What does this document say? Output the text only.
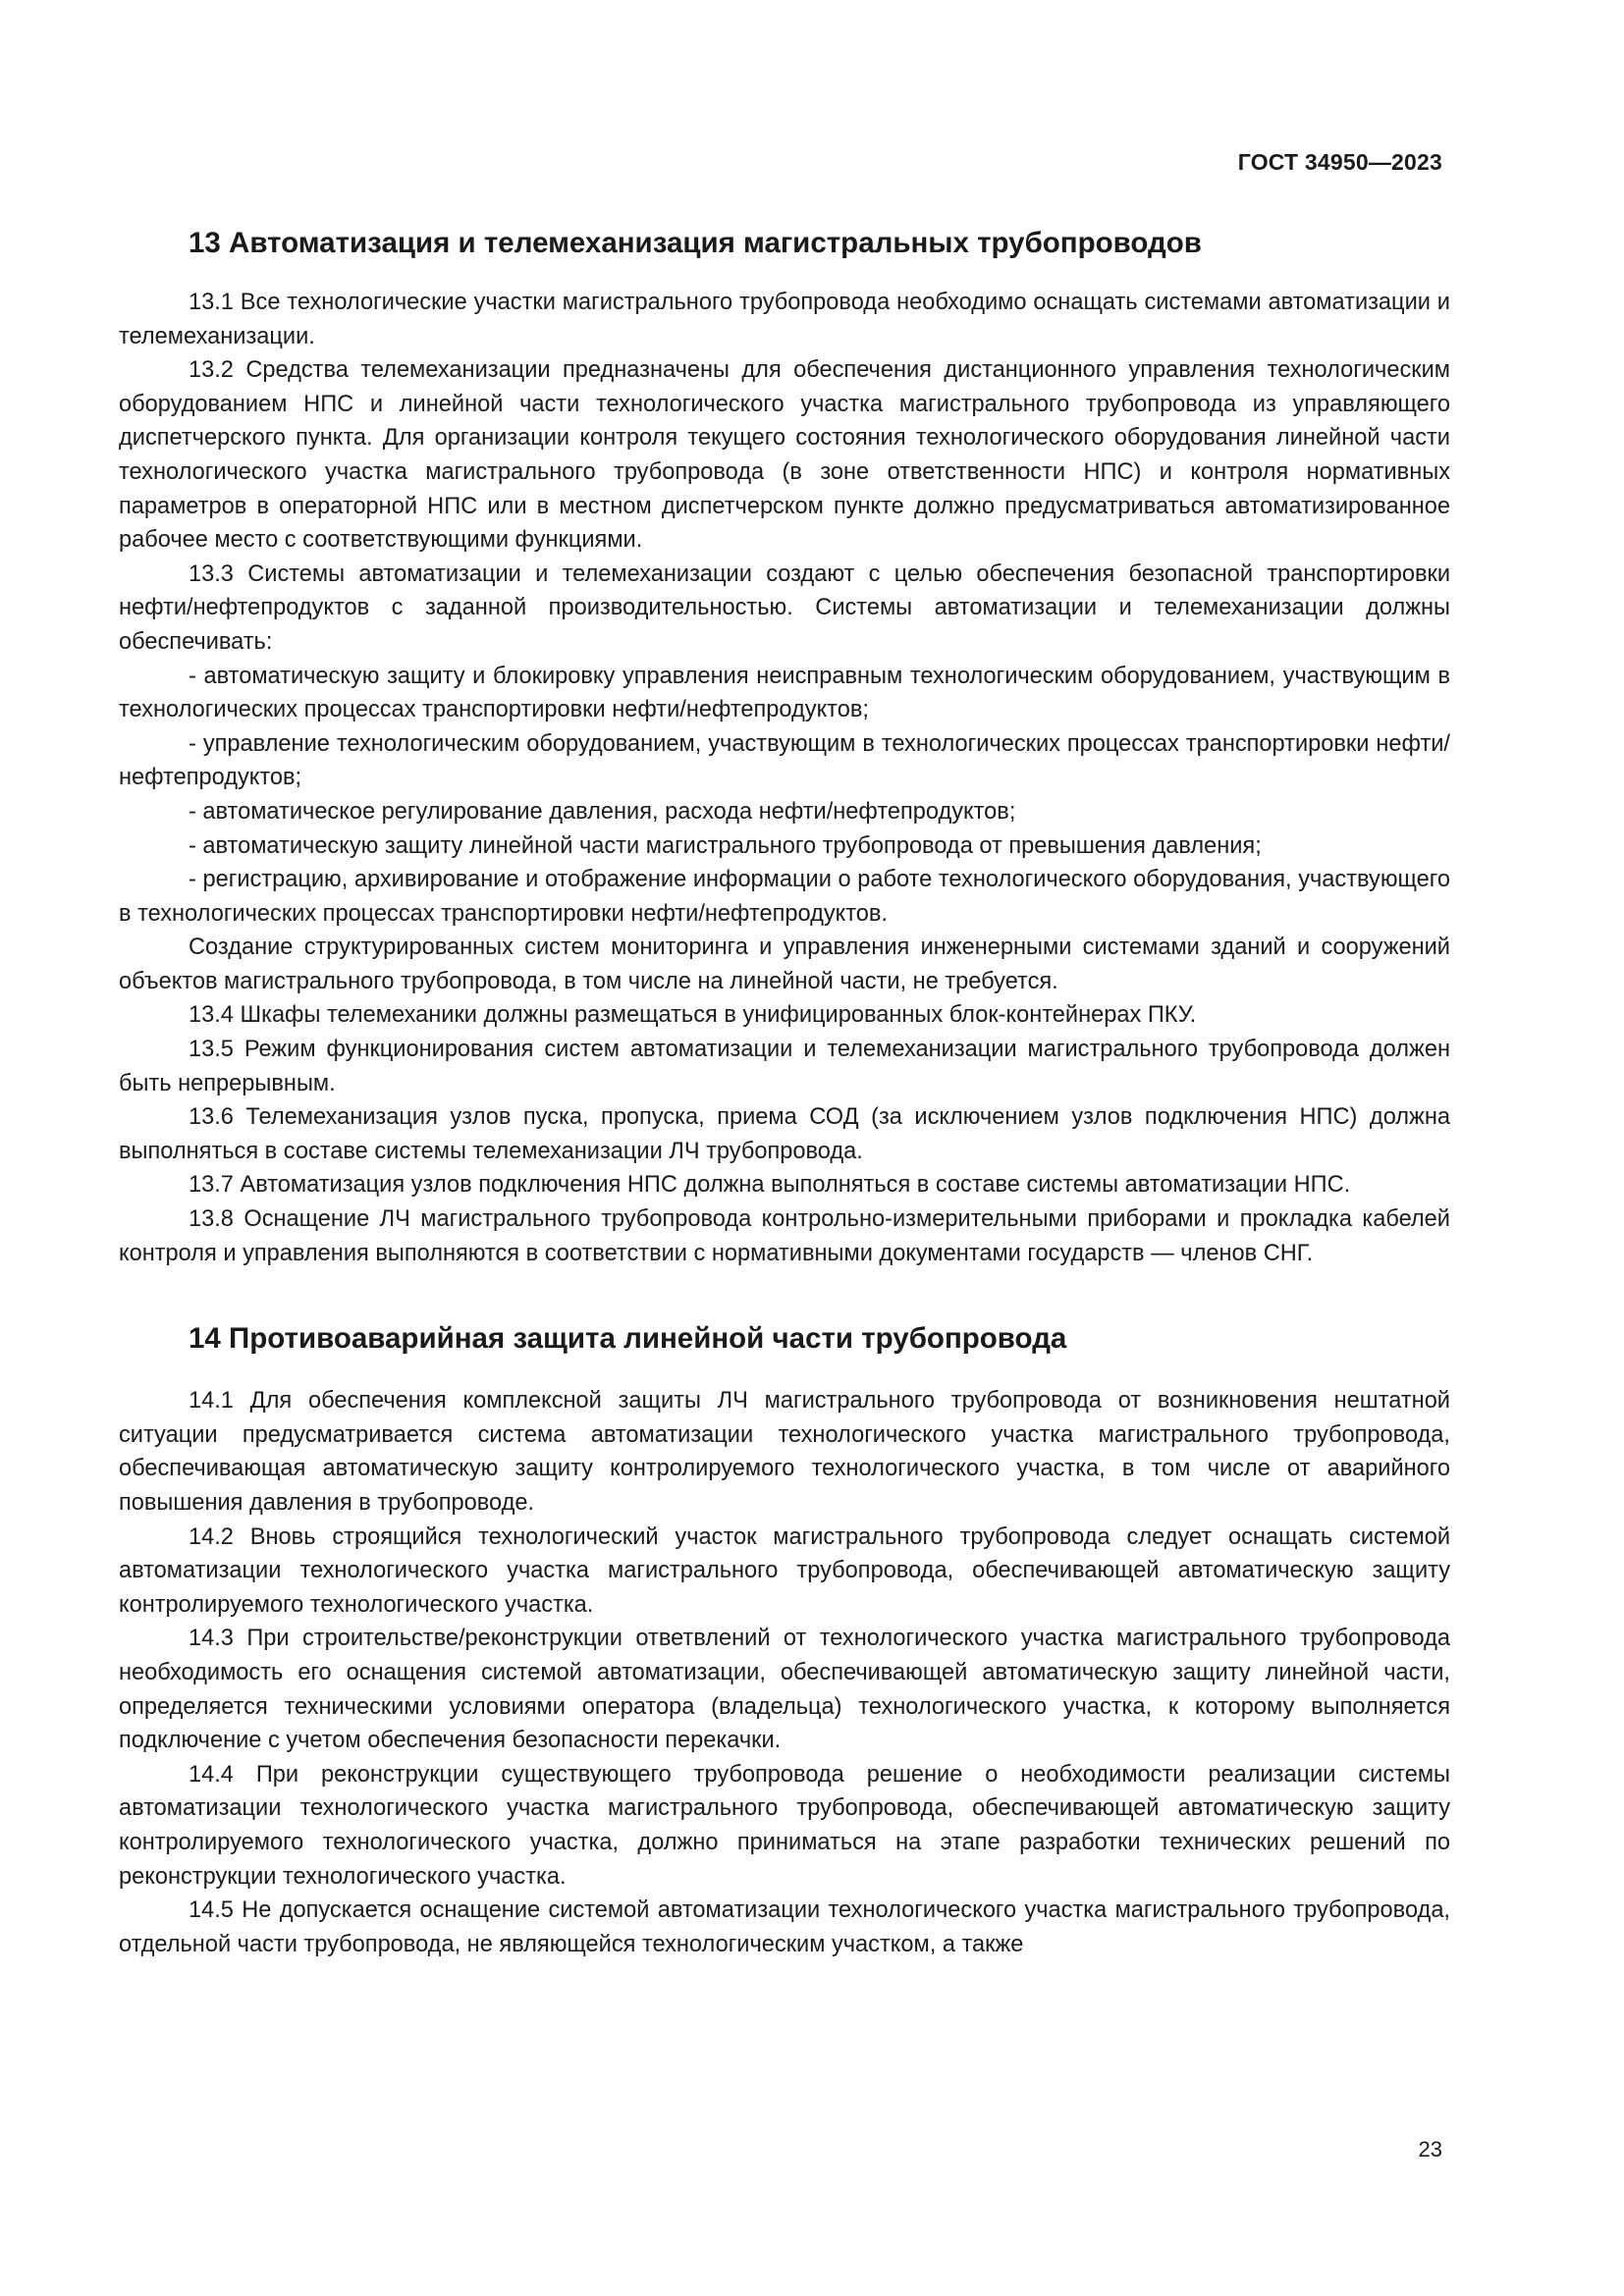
ГОСТ 34950—2023
13 Автоматизация и телемеханизация магистральных трубопроводов

13.1 Все технологические участки магистрального трубопровода необходимо оснащать системами автоматизации и телемеханизации.

13.2 Средства телемеханизации предназначены для обеспечения дистанционного управления технологическим оборудованием НПС и линейной части технологического участка магистрального трубопровода из управляющего диспетчерского пункта. Для организации контроля текущего состояния технологического оборудования линейной части технологического участка магистрального трубопровода (в зоне ответственности НПС) и контроля нормативных параметров в операторной НПС или в местном диспетчерском пункте должно предусматриваться автоматизированное рабочее место с соответствующими функциями.

13.3 Системы автоматизации и телемеханизации создают с целью обеспечения безопасной транспортировки нефти/нефтепродуктов с заданной производительностью. Системы автоматизации и телемеханизации должны обеспечивать:

- автоматическую защиту и блокировку управления неисправным технологическим оборудованием, участвующим в технологических процессах транспортировки нефти/нефтепродуктов;

- управление технологическим оборудованием, участвующим в технологических процессах транспортировки нефти/нефтепродуктов;

- автоматическое регулирование давления, расхода нефти/нефтепродуктов;

- автоматическую защиту линейной части магистрального трубопровода от превышения давления;

- регистрацию, архивирование и отображение информации о работе технологического оборудования, участвующего в технологических процессах транспортировки нефти/нефтепродуктов.

Создание структурированных систем мониторинга и управления инженерными системами зданий и сооружений объектов магистрального трубопровода, в том числе на линейной части, не требуется.

13.4 Шкафы телемеханики должны размещаться в унифицированных блок-контейнерах ПКУ.

13.5 Режим функционирования систем автоматизации и телемеханизации магистрального трубопровода должен быть непрерывным.

13.6 Телемеханизация узлов пуска, пропуска, приема СОД (за исключением узлов подключения НПС) должна выполняться в составе системы телемеханизации ЛЧ трубопровода.

13.7 Автоматизация узлов подключения НПС должна выполняться в составе системы автоматизации НПС.

13.8 Оснащение ЛЧ магистрального трубопровода контрольно-измерительными приборами и прокладка кабелей контроля и управления выполняются в соответствии с нормативными документами государств — членов СНГ.

14 Противоаварийная защита линейной части трубопровода

14.1 Для обеспечения комплексной защиты ЛЧ магистрального трубопровода от возникновения нештатной ситуации предусматривается система автоматизации технологического участка магистрального трубопровода, обеспечивающая автоматическую защиту контролируемого технологического участка, в том числе от аварийного повышения давления в трубопроводе.

14.2 Вновь строящийся технологический участок магистрального трубопровода следует оснащать системой автоматизации технологического участка магистрального трубопровода, обеспечивающей автоматическую защиту контролируемого технологического участка.

14.3 При строительстве/реконструкции ответвлений от технологического участка магистрального трубопровода необходимость его оснащения системой автоматизации, обеспечивающей автоматическую защиту линейной части, определяется техническими условиями оператора (владельца) технологического участка, к которому выполняется подключение с учетом обеспечения безопасности перекачки.

14.4 При реконструкции существующего трубопровода решение о необходимости реализации системы автоматизации технологического участка магистрального трубопровода, обеспечивающей автоматическую защиту контролируемого технологического участка, должно приниматься на этапе разработки технических решений по реконструкции технологического участка.

14.5 Не допускается оснащение системой автоматизации технологического участка магистрального трубопровода, отдельной части трубопровода, не являющейся технологическим участком, а также

23
